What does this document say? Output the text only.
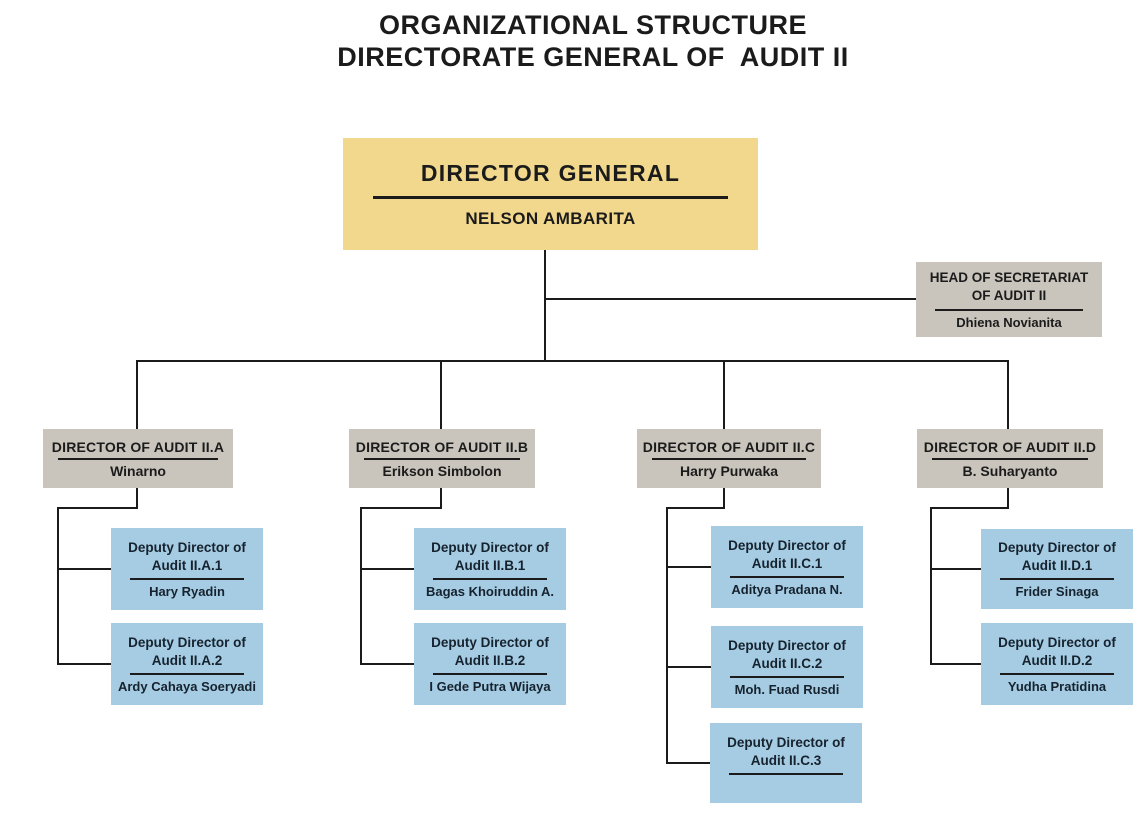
ORGANIZATIONAL STRUCTURE
DIRECTORATE GENERAL OF  AUDIT II
DIRECTOR GENERAL
NELSON AMBARITA
HEAD OF SECRETARIAT OF AUDIT II
Dhiena Novianita
DIRECTOR OF AUDIT II.A
Winarno
DIRECTOR OF AUDIT II.B
Erikson Simbolon
DIRECTOR OF AUDIT II.C
Harry Purwaka
DIRECTOR OF AUDIT II.D
B. Suharyanto
Deputy Director of Audit II.A.1
Hary Ryadin
Deputy Director of Audit II.A.2
Ardy Cahaya Soeryadi
Deputy Director of Audit II.B.1
Bagas Khoiruddin A.
Deputy Director of Audit II.B.2
I Gede Putra Wijaya
Deputy Director of Audit II.C.1
Aditya Pradana N.
Deputy Director of Audit II.C.2
Moh. Fuad Rusdi
Deputy Director of Audit II.C.3
Deputy Director of Audit II.D.1
Frider Sinaga
Deputy Director of Audit II.D.2
Yudha Pratidina
